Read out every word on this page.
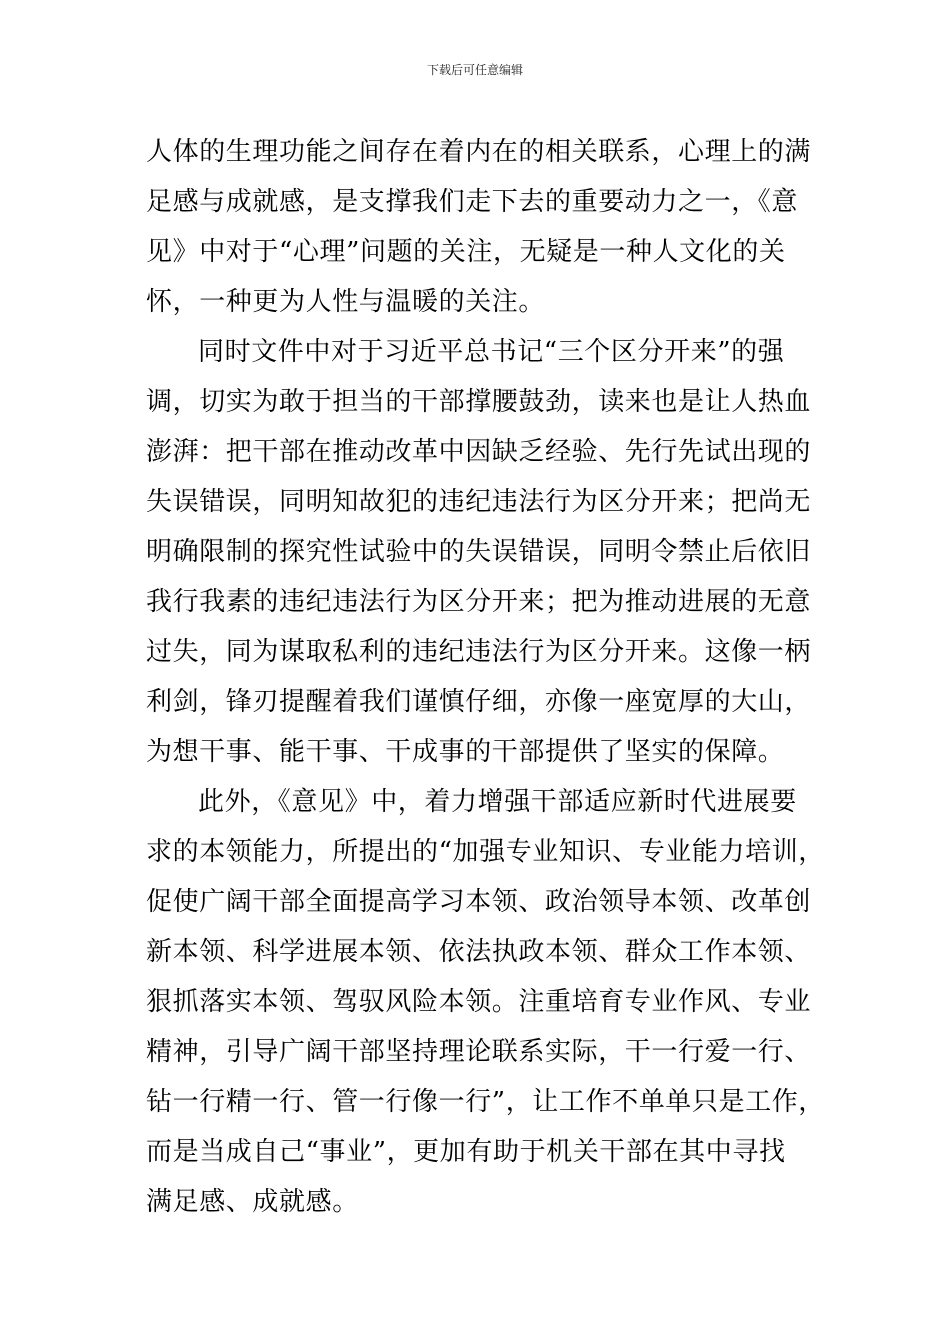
下载后可任意编辑
人体的生理功能之间存在着内在的相关联系，心理上的满
足感与成就感，是支撑我们走下去的重要动力之一，《意
见》中对于“心理”问题的关注，无疑是一种人文化的关
怀，一种更为人性与温暖的关注。
同时文件中对于习近平总书记“三个区分开来”的强
调，切实为敢于担当的干部撑腰鼓劲，读来也是让人热血
澎湃：把干部在推动改革中因缺乏经验、先行先试出现的
失误错误，同明知故犯的违纪违法行为区分开来；把尚无
明确限制的探究性试验中的失误错误，同明令禁止后依旧
我行我素的违纪违法行为区分开来；把为推动进展的无意
过失，同为谋取私利的违纪违法行为区分开来。这像一柄
利剑，锋刃提醒着我们谨慎仔细，亦像一座宽厚的大山，
为想干事、能干事、干成事的干部提供了坚实的保障。
此外，《意见》中，着力增强干部适应新时代进展要
求的本领能力，所提出的“加强专业知识、专业能力培训，
促使广阔干部全面提高学习本领、政治领导本领、改革创
新本领、科学进展本领、依法执政本领、群众工作本领、
狠抓落实本领、驾驭风险本领。注重培育专业作风、专业
精神，引导广阔干部坚持理论联系实际，干一行爱一行、
钻一行精一行、管一行像一行”，让工作不单单只是工作，
而是当成自己“事业”，更加有助于机关干部在其中寻找
满足感、成就感。
